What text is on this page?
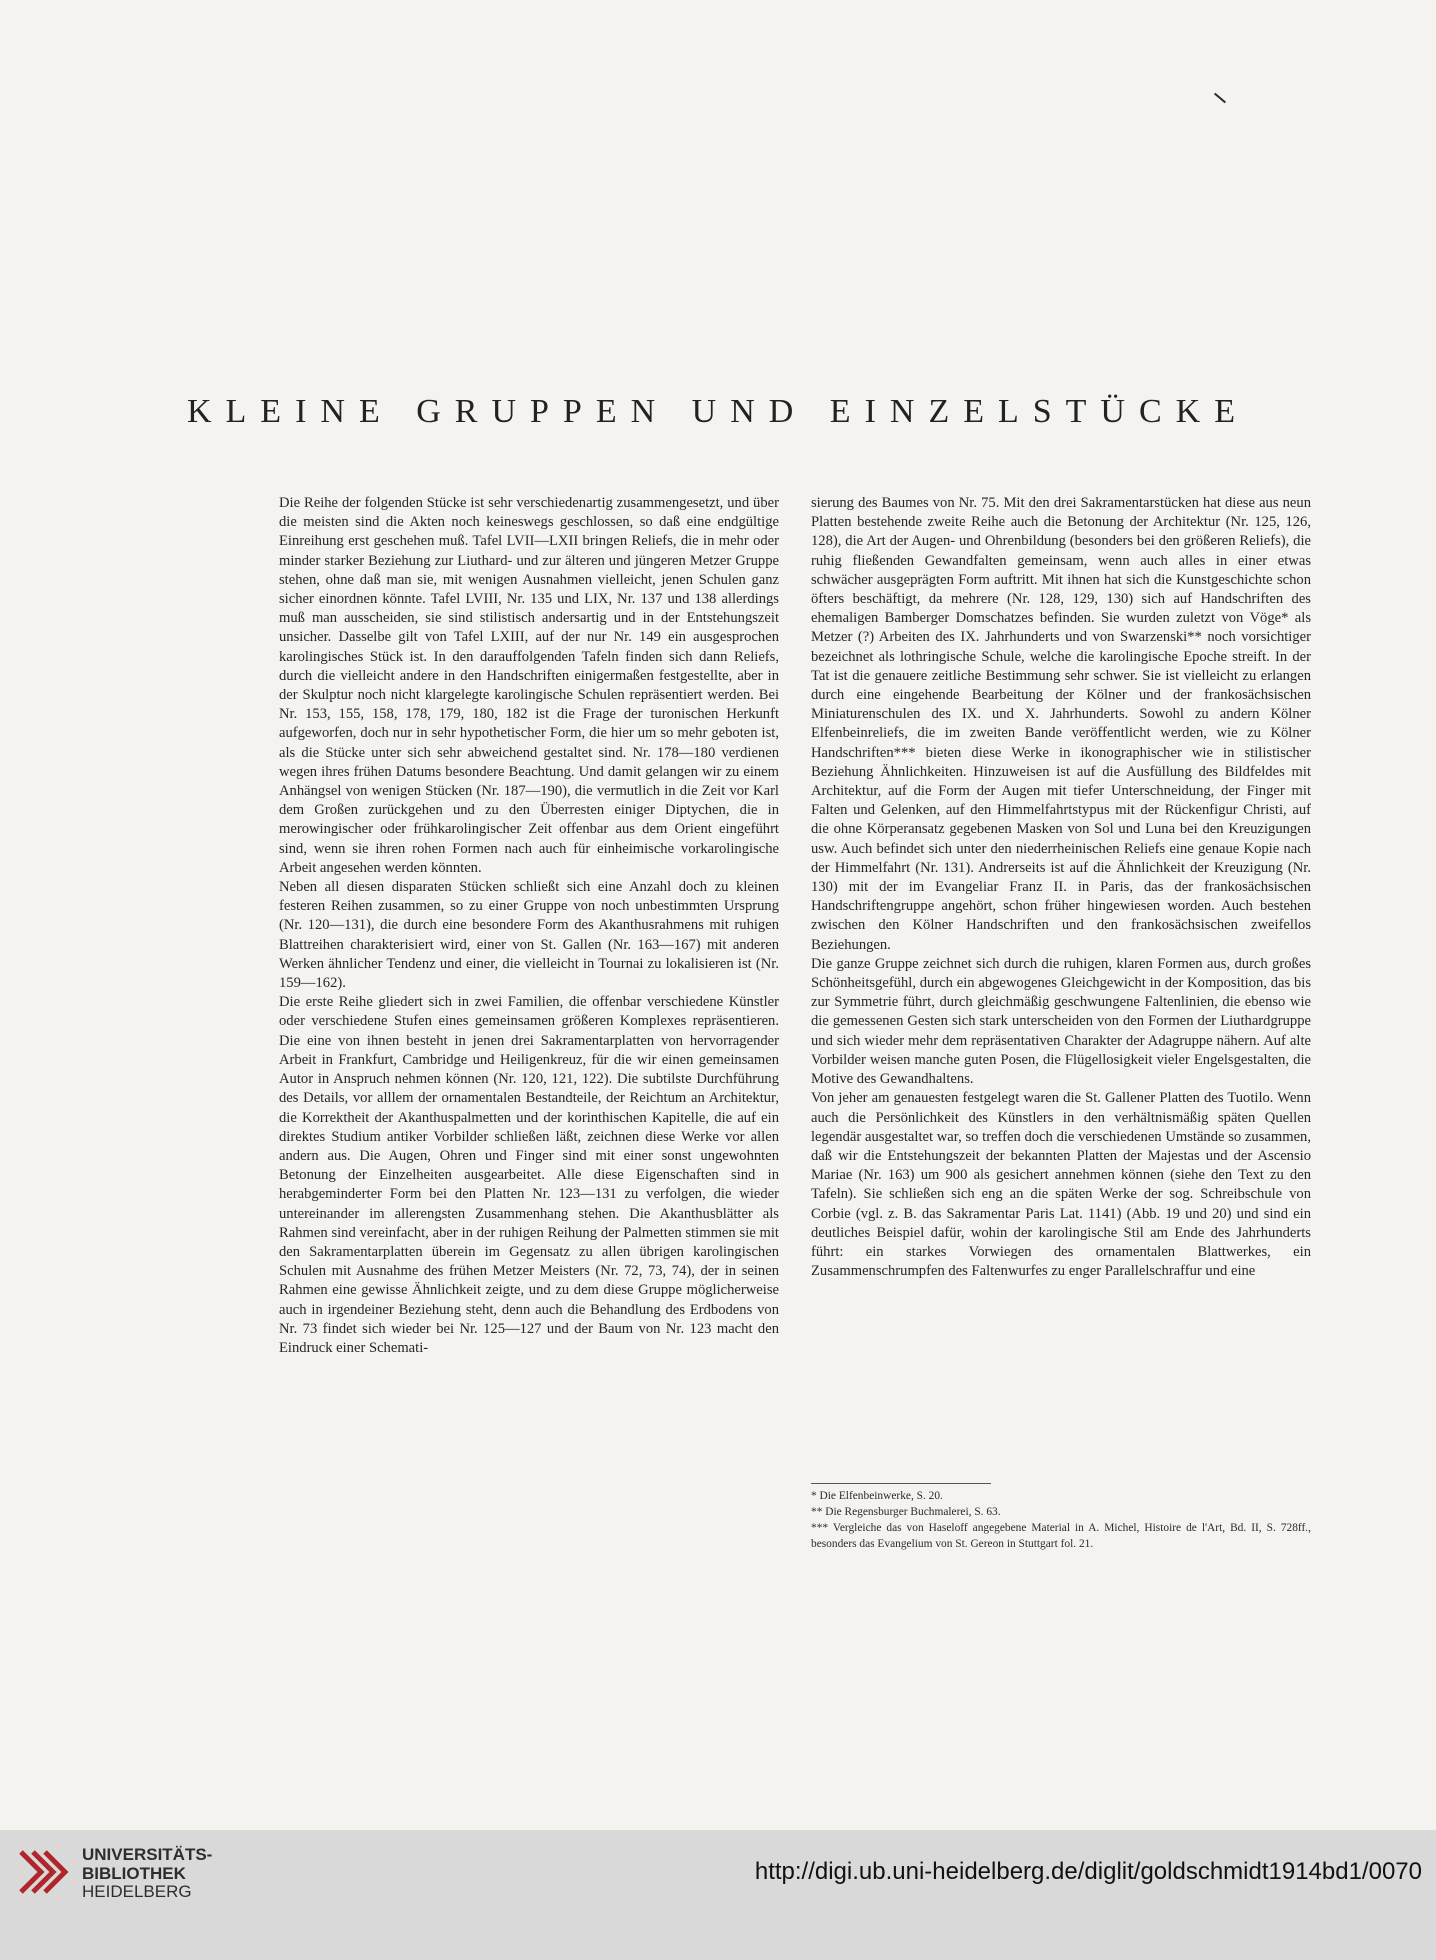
KLEINE GRUPPEN UND EINZELSTÜCKE

Die Reihe der folgenden Stücke ist sehr verschiedenartig zusammengesetzt, und über die meisten sind die Akten noch keineswegs geschlossen, so daß eine endgültige Einreihung erst geschehen muß. Tafel LVII—LXII bringen Reliefs, die in mehr oder minder starker Beziehung zur Liuthard- und zur älteren und jüngeren Metzer Gruppe stehen, ohne daß man sie, mit wenigen Ausnahmen vielleicht, jenen Schulen ganz sicher einordnen könnte. Tafel LVIII, Nr. 135 und LIX, Nr. 137 und 138 allerdings muß man ausscheiden, sie sind stilistisch andersartig und in der Entstehungszeit unsicher. Dasselbe gilt von Tafel LXIII, auf der nur Nr. 149 ein ausgesprochen karolingisches Stück ist. In den darauffolgenden Tafeln finden sich dann Reliefs, durch die vielleicht andere in den Handschriften einigermaßen festgestellte, aber in der Skulptur noch nicht klargelegte karolingische Schulen repräsentiert werden. Bei Nr. 153, 155, 158, 178, 179, 180, 182 ist die Frage der turonischen Herkunft aufgeworfen, doch nur in sehr hypothetischer Form, die hier um so mehr geboten ist, als die Stücke unter sich sehr abweichend gestaltet sind. Nr. 178—180 verdienen wegen ihres frühen Datums besondere Beachtung. Und damit gelangen wir zu einem Anhängsel von wenigen Stücken (Nr. 187—190), die vermutlich in die Zeit vor Karl dem Großen zurückgehen und zu den Überresten einiger Diptychen, die in merowingischer oder frühkarolingischer Zeit offenbar aus dem Orient eingeführt sind, wenn sie ihren rohen Formen nach auch für einheimische vorkarolingische Arbeit angesehen werden könnten.

Neben all diesen disparaten Stücken schließt sich eine Anzahl doch zu kleinen festeren Reihen zusammen, so zu einer Gruppe von noch unbestimmten Ursprung (Nr. 120—131), die durch eine besondere Form des Akanthusrahmens mit ruhigen Blattreihen charakterisiert wird, einer von St. Gallen (Nr. 163—167) mit anderen Werken ähnlicher Tendenz und einer, die vielleicht in Tournai zu lokalisieren ist (Nr. 159—162).

Die erste Reihe gliedert sich in zwei Familien, die offenbar verschiedene Künstler oder verschiedene Stufen eines gemeinsamen größeren Komplexes repräsentieren. Die eine von ihnen besteht in jenen drei Sakramentarplatten von hervorragender Arbeit in Frankfurt, Cambridge und Heiligenkreuz, für die wir einen gemeinsamen Autor in Anspruch nehmen können (Nr. 120, 121, 122). Die subtilste Durchführung des Details, vor alllem der ornamentalen Bestandteile, der Reichtum an Architektur, die Korrektheit der Akanthuspalmetten und der korinthischen Kapitelle, die auf ein direktes Studium antiker Vorbilder schließen läßt, zeichnen diese Werke vor allen andern aus. Die Augen, Ohren und Finger sind mit einer sonst ungewohnten Betonung der Einzelheiten ausgearbeitet. Alle diese Eigenschaften sind in herabgeminderter Form bei den Platten Nr. 123—131 zu verfolgen, die wieder untereinander im allerengsten Zusammenhang stehen. Die Akanthusblätter als Rahmen sind vereinfacht, aber in der ruhigen Reihung der Palmetten stimmen sie mit den Sakramentarplatten überein im Gegensatz zu allen übrigen karolingischen Schulen mit Ausnahme des frühen Metzer Meisters (Nr. 72, 73, 74), der in seinen Rahmen eine gewisse Ähnlichkeit zeigte, und zu dem diese Gruppe möglicherweise auch in irgendeiner Beziehung steht, denn auch die Behandlung des Erdbodens von Nr. 73 findet sich wieder bei Nr. 125—127 und der Baum von Nr. 123 macht den Eindruck einer Schemati-

sierung des Baumes von Nr. 75. Mit den drei Sakramentarstücken hat diese aus neun Platten bestehende zweite Reihe auch die Betonung der Architektur (Nr. 125, 126, 128), die Art der Augen- und Ohrenbildung (besonders bei den größeren Reliefs), die ruhig fließenden Gewandfalten gemeinsam, wenn auch alles in einer etwas schwächer ausgeprägten Form auftritt. Mit ihnen hat sich die Kunstgeschichte schon öfters beschäftigt, da mehrere (Nr. 128, 129, 130) sich auf Handschriften des ehemaligen Bamberger Domschatzes befinden. Sie wurden zuletzt von Vöge* als Metzer (?) Arbeiten des IX. Jahrhunderts und von Swarzenski** noch vorsichtiger bezeichnet als lothringische Schule, welche die karolingische Epoche streift. In der Tat ist die genauere zeitliche Bestimmung sehr schwer. Sie ist vielleicht zu erlangen durch eine eingehende Bearbeitung der Kölner und der frankosächsischen Miniaturenschulen des IX. und X. Jahrhunderts. Sowohl zu andern Kölner Elfenbeinreliefs, die im zweiten Bande veröffentlicht werden, wie zu Kölner Handschriften*** bieten diese Werke in ikonographischer wie in stilistischer Beziehung Ähnlichkeiten. Hinzuweisen ist auf die Ausfüllung des Bildfeldes mit Architektur, auf die Form der Augen mit tiefer Unterschneidung, der Finger mit Falten und Gelenken, auf den Himmelfahrtstypus mit der Rückenfigur Christi, auf die ohne Körperansatz gegebenen Masken von Sol und Luna bei den Kreuzigungen usw. Auch befindet sich unter den niederrheinischen Reliefs eine genaue Kopie nach der Himmelfahrt (Nr. 131). Andrerseits ist auf die Ähnlichkeit der Kreuzigung (Nr. 130) mit der im Evangeliar Franz II. in Paris, das der frankosächsischen Handschriftengruppe angehört, schon früher hingewiesen worden. Auch bestehen zwischen den Kölner Handschriften und den frankosächsischen zweifellos Beziehungen.

Die ganze Gruppe zeichnet sich durch die ruhigen, klaren Formen aus, durch großes Schönheitsgefühl, durch ein abgewogenes Gleichgewicht in der Komposition, das bis zur Symmetrie führt, durch gleichmäßig geschwungene Faltenlinien, die ebenso wie die gemessenen Gesten sich stark unterscheiden von den Formen der Liuthardgruppe und sich wieder mehr dem repräsentativen Charakter der Adagruppe nähern. Auf alte Vorbilder weisen manche guten Posen, die Flügellosigkeit vieler Engelsgestalten, die Motive des Gewandhaltens.

Von jeher am genauesten festgelegt waren die St. Gallener Platten des Tuotilo. Wenn auch die Persönlichkeit des Künstlers in den verhältnismäßig späten Quellen legendär ausgestaltet war, so treffen doch die verschiedenen Umstände so zusammen, daß wir die Entstehungszeit der bekannten Platten der Majestas und der Ascensio Mariae (Nr. 163) um 900 als gesichert annehmen können (siehe den Text zu den Tafeln). Sie schließen sich eng an die späten Werke der sog. Schreibschule von Corbie (vgl. z. B. das Sakramentar Paris Lat. 1141) (Abb. 19 und 20) und sind ein deutliches Beispiel dafür, wohin der karolingische Stil am Ende des Jahrhunderts führt: ein starkes Vorwiegen des ornamentalen Blattwerkes, ein Zusammenschrumpfen des Faltenwurfes zu enger Parallelschraffur und eine

* Die Elfenbeinwerke, S. 20.

** Die Regensburger Buchmalerei, S. 63.

*** Vergleiche das von Haseloff angegebene Material in A. Michel, Histoire de l'Art, Bd. II, S. 728ff., besonders das Evangelium von St. Gereon in Stuttgart fol. 21.

UNIVERSITÄTS-
BIBLIOTHEK
HEIDELBERG
http://digi.ub.uni-heidelberg.de/diglit/goldschmidt1914bd1/0070
